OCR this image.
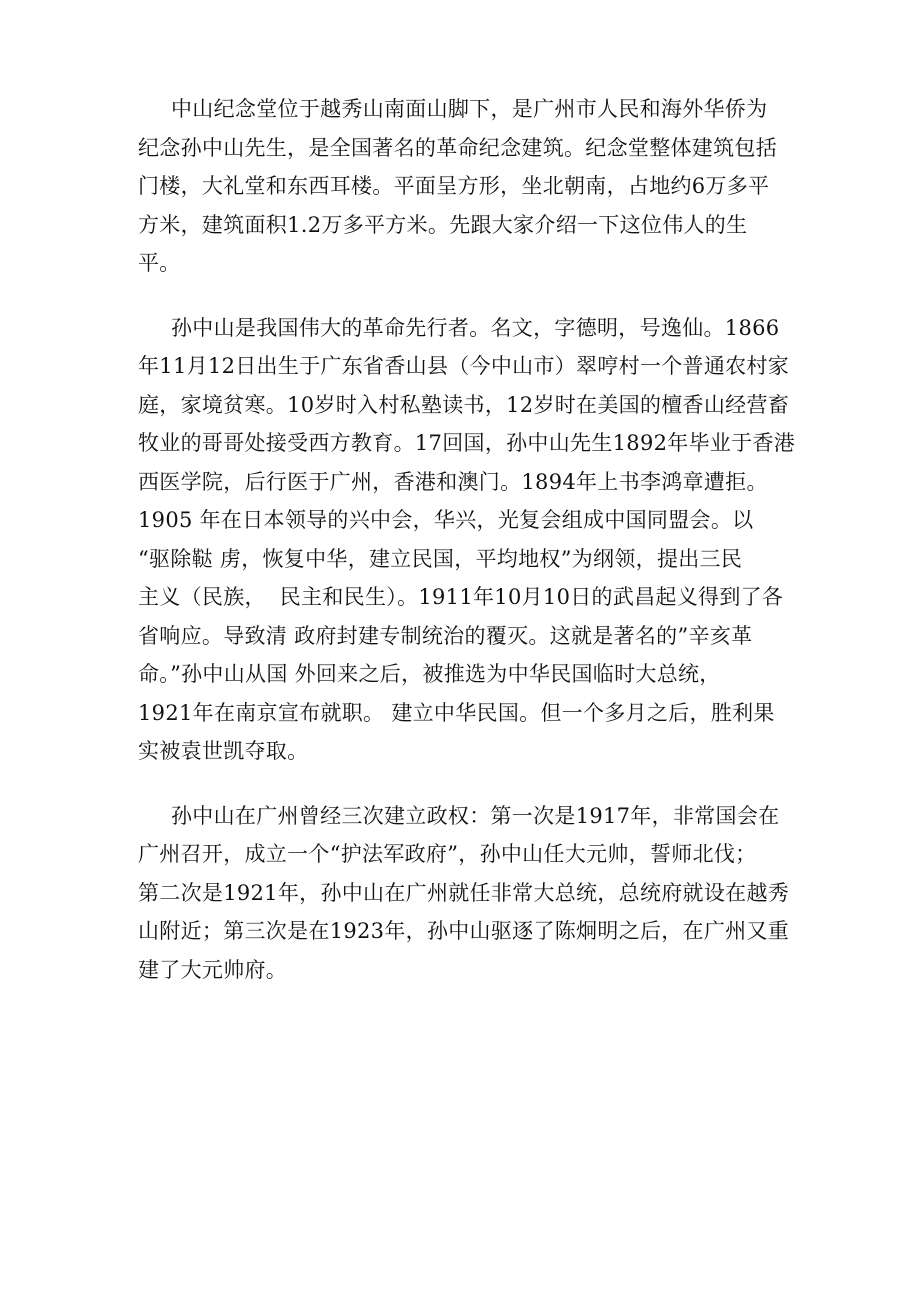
中山纪念堂位于越秀山南面山脚下，是广州市人民和海外华侨为
纪念孙中山先生，是全国著名的革命纪念建筑。纪念堂整体建筑包括
门楼，大礼堂和东西耳楼。平面呈方形，坐北朝南，占地约6万多平
方米，建筑面积1.2万多平方米。先跟大家介绍一下这位伟人的生
平。
孙中山是我国伟大的革命先行者。名文，字德明，号逸仙。1866
年11月12日出生于广东省香山县（今中山市）翠哼村一个普通农村家
庭，家境贫寒。10岁时入村私塾读书，12岁时在美国的檀香山经营畜
牧业的哥哥处接受西方教育。17回国，孙中山先生1892年毕业于香港
西医学院，后行医于广州，香港和澳门。1894年上书李鸿章遭拒。
1905 年在日本领导的兴中会，华兴，光复会组成中国同盟会。以
“驱除鞑 虏，恢复中华，建立民国，平均地权”为纲领，提出三民
主义（民族，  民主和民生）。1911年10月10日的武昌起义得到了各
省响应。导致清 政府封建专制统治的覆灭。这就是著名的”辛亥革
命。”孙中山从国 外回来之后，被推选为中华民国临时大总统，
1921年在南京宣布就职。 建立中华民国。但一个多月之后，胜利果
实被袁世凯夺取。
孙中山在广州曾经三次建立政权：第一次是1917年，非常国会在
广州召开，成立一个“护法军政府”，孙中山任大元帅，誓师北伐；
第二次是1921年，孙中山在广州就任非常大总统，总统府就设在越秀
山附近；第三次是在1923年，孙中山驱逐了陈炯明之后，在广州又重
建了大元帅府。
